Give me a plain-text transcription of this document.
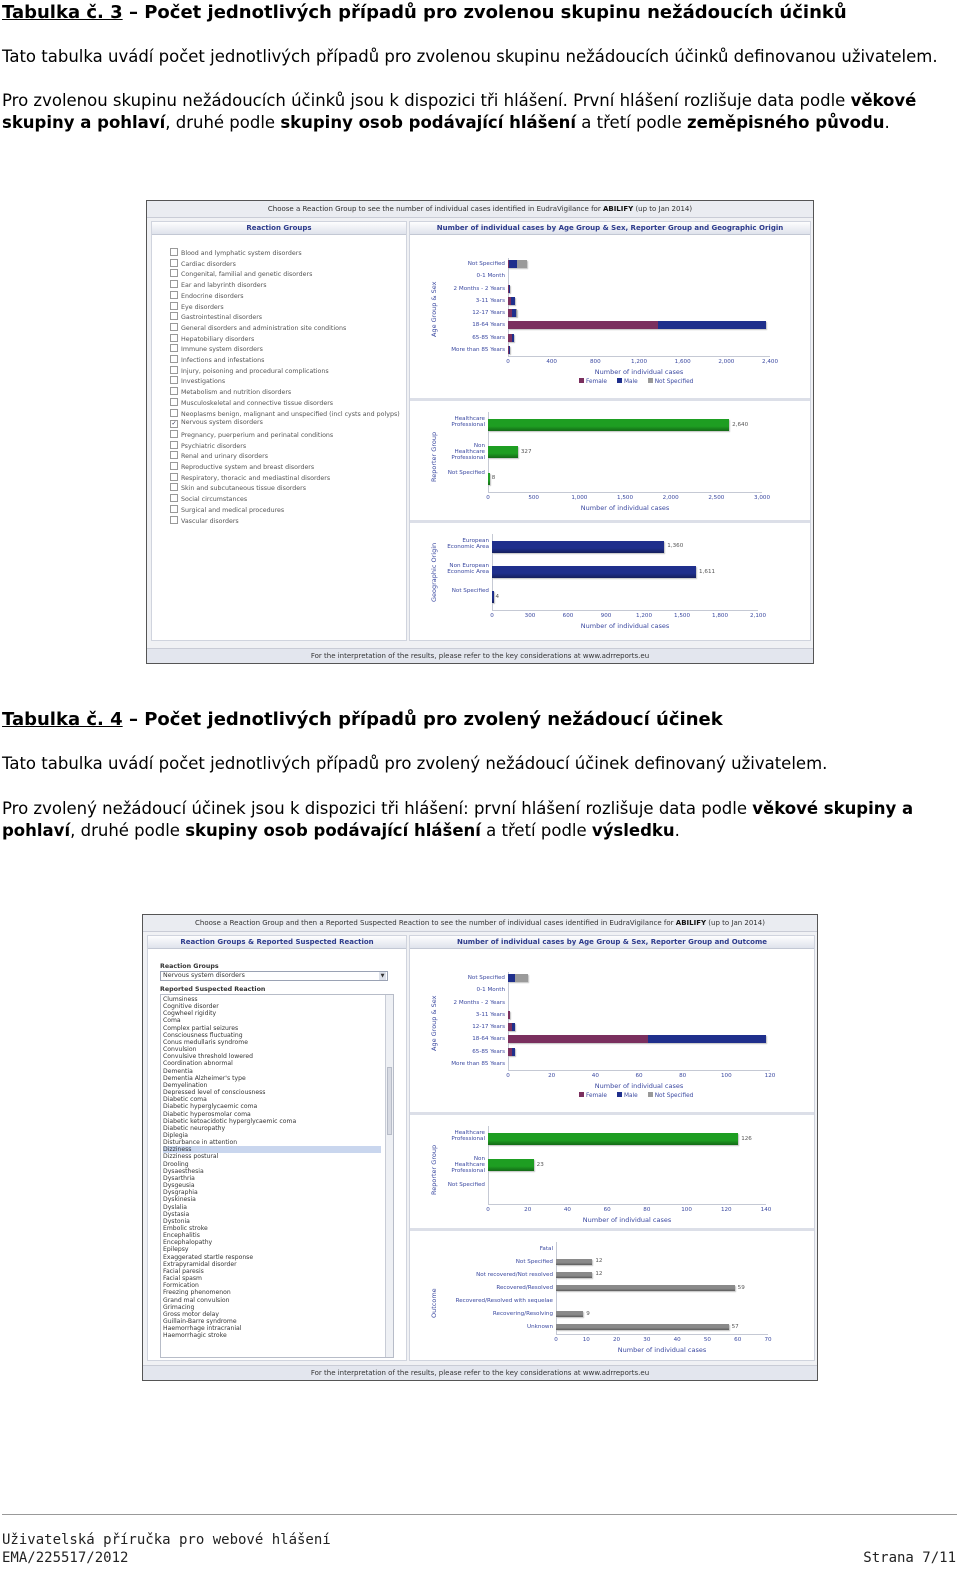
Tabulka č. 3 – Počet jednotlivých případů pro zvolenou skupinu nežádoucích účinků
Tato tabulka uvádí počet jednotlivých případů pro zvolenou skupinu nežádoucích účinků definovanou uživatelem.
Pro zvolenou skupinu nežádoucích účinků jsou k dispozici tři hlášení. První hlášení rozlišuje data podle věkové skupiny a pohlaví, druhé podle skupiny osob podávající hlášení a třetí podle zeměpisného původu.
Choose a Reaction Group to see the number of individual cases identified in EudraVigilance for ABILIFY (up to Jan 2014)
Reaction Groups
Blood and lymphatic system disorders
Cardiac disorders
Congenital, familial and genetic disorders
Ear and labyrinth disorders
Endocrine disorders
Eye disorders
Gastrointestinal disorders
General disorders and administration site conditions
Hepatobiliary disorders
Immune system disorders
Infections and infestations
Injury, poisoning and procedural complications
Investigations
Metabolism and nutrition disorders
Musculoskeletal and connective tissue disorders
Neoplasms benign, malignant and unspecified (incl cysts and polyps)
✓ Nervous system disorders
Pregnancy, puerperium and perinatal conditions
Psychiatric disorders
Renal and urinary disorders
Reproductive system and breast disorders
Respiratory, thoracic and mediastinal disorders
Skin and subcutaneous tissue disorders
Social circumstances
Surgical and medical procedures
Vascular disorders
Number of individual cases by Age Group & Sex, Reporter Group and Geographic Origin
Age Group & Sex
Not Specified
0-1 Month
2 Months - 2 Years
3-11 Years
12-17 Years
18-64 Years
65-85 Years
More than 85 Years
0	400	800	1,200	1,600	2,000	2,400
Number of individual cases
Female	Male	Not Specified
Reporter Group
Healthcare Professional	2,640
Non Healthcare Professional
327
Not Specified
8
0	500	1,000	1,500	2,000	2,500	3,000
Number of individual cases
Geographic Origin
European Economic Area	1,360
Non European Economic Area	1,611
Not Specified
4
0	300	600	900	1,200	1,500	1,800	2,100
Number of individual cases
For the interpretation of the results, please refer to the key considerations at www.adrreports.eu
Tabulka č. 4 – Počet jednotlivých případů pro zvolený nežádoucí účinek
Tato tabulka uvádí počet jednotlivých případů pro zvolený nežádoucí účinek definovaný uživatelem.
Pro zvolený nežádoucí účinek jsou k dispozici tři hlášení: první hlášení rozlišuje data podle věkové skupiny a pohlaví, druhé podle skupiny osob podávající hlášení a třetí podle výsledku.
Choose a Reaction Group and then a Reported Suspected Reaction to see the number of individual cases identified in EudraVigilance for ABILIFY (up to Jan 2014)
Reaction Groups & Reported Suspected Reaction
Reaction Groups
Nervous system disorders	▼
Reported Suspected Reaction
Clumsiness
Cognitive disorder
Cogwheel rigidity
Coma
Complex partial seizures
Consciousness fluctuating
Conus medullaris syndrome
Convulsion
Convulsive threshold lowered
Coordination abnormal
Dementia
Dementia Alzheimer's type
Demyelination
Depressed level of consciousness
Diabetic coma
Diabetic hyperglycaemic coma
Diabetic hyperosmolar coma
Diabetic ketoacidotic hyperglycaemic coma
Diabetic neuropathy
Diplegia
Disturbance in attention
Dizziness
Dizziness postural
Drooling
Dysaesthesia
Dysarthria
Dysgeusia
Dysgraphia
Dyskinesia
Dyslalia
Dystasia
Dystonia
Embolic stroke
Encephalitis
Encephalopathy
Epilepsy
Exaggerated startle response
Extrapyramidal disorder
Facial paresis
Facial spasm
Formication
Freezing phenomenon
Grand mal convulsion
Grimacing
Gross motor delay
Guillain-Barre syndrome
Haemorrhage intracranial
Haemorrhagic stroke
Number of individual cases by Age Group & Sex, Reporter Group and Outcome
Age Group & Sex
Not Specified
0-1 Month
2 Months - 2 Years
3-11 Years
12-17 Years
18-64 Years
65-85 Years
More than 85 Years
0	20	40	60	80	100	120
Number of individual cases
Female	Male	Not Specified
Reporter Group
Healthcare Professional	126
Non Healthcare Professional
23
Not Specified
0	20	40	60	80	100	120	140
Number of individual cases
Outcome
Fatal
Not Specified	12
Not recovered/Not resolved	12
Recovered/Resolved	59
Recovered/Resolved with sequelae
Recovering/Resolving	9
Unknown	57
0	10	20	30	40	50	60	70
Number of individual cases
For the interpretation of the results, please refer to the key considerations at www.adrreports.eu
Uživatelská příručka pro webové hlášení
EMA/225517/2012	Strana 7/11
